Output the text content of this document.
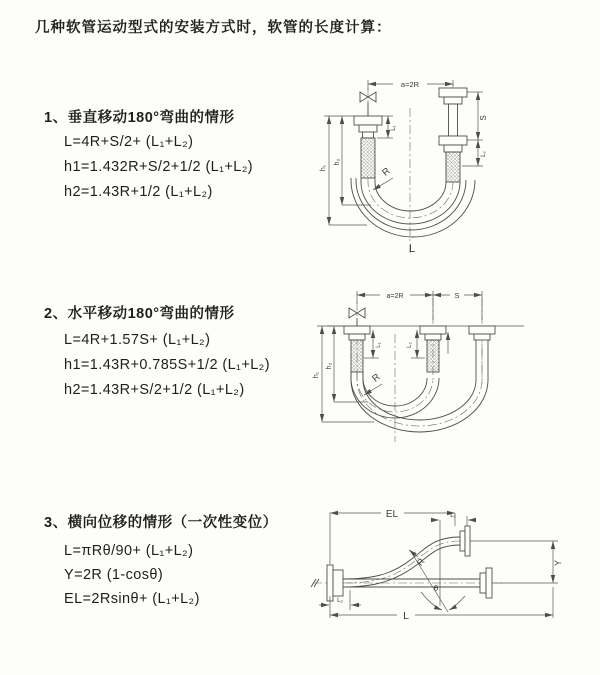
几种软管运动型式的安装方式时，软管的长度计算：
1、垂直移动180°弯曲的情形
L=4R+S/2+ (L₁+L₂)
h1=1.432R+S/2+1/2 (L₁+L₂)
h2=1.43R+1/2 (L₁+L₂)
2、水平移动180°弯曲的情形
L=4R+1.57S+ (L₁+L₂)
h1=1.43R+0.785S+1/2 (L₁+L₂)
h2=1.43R+S/2+1/2 (L₁+L₂)
3、横向位移的情形（一次性变位）
L=πRθ/90+ (L₁+L₂)
Y=2R (1-cosθ)
EL=2Rsinθ+ (L₁+L₂)
a=2R
S
L₂
L₁
h₁
h₂
R
L
a=2R	S
L₁	L₂
h₁
h₂
R
EL	L₁
θ
R	Y
L₂
L
